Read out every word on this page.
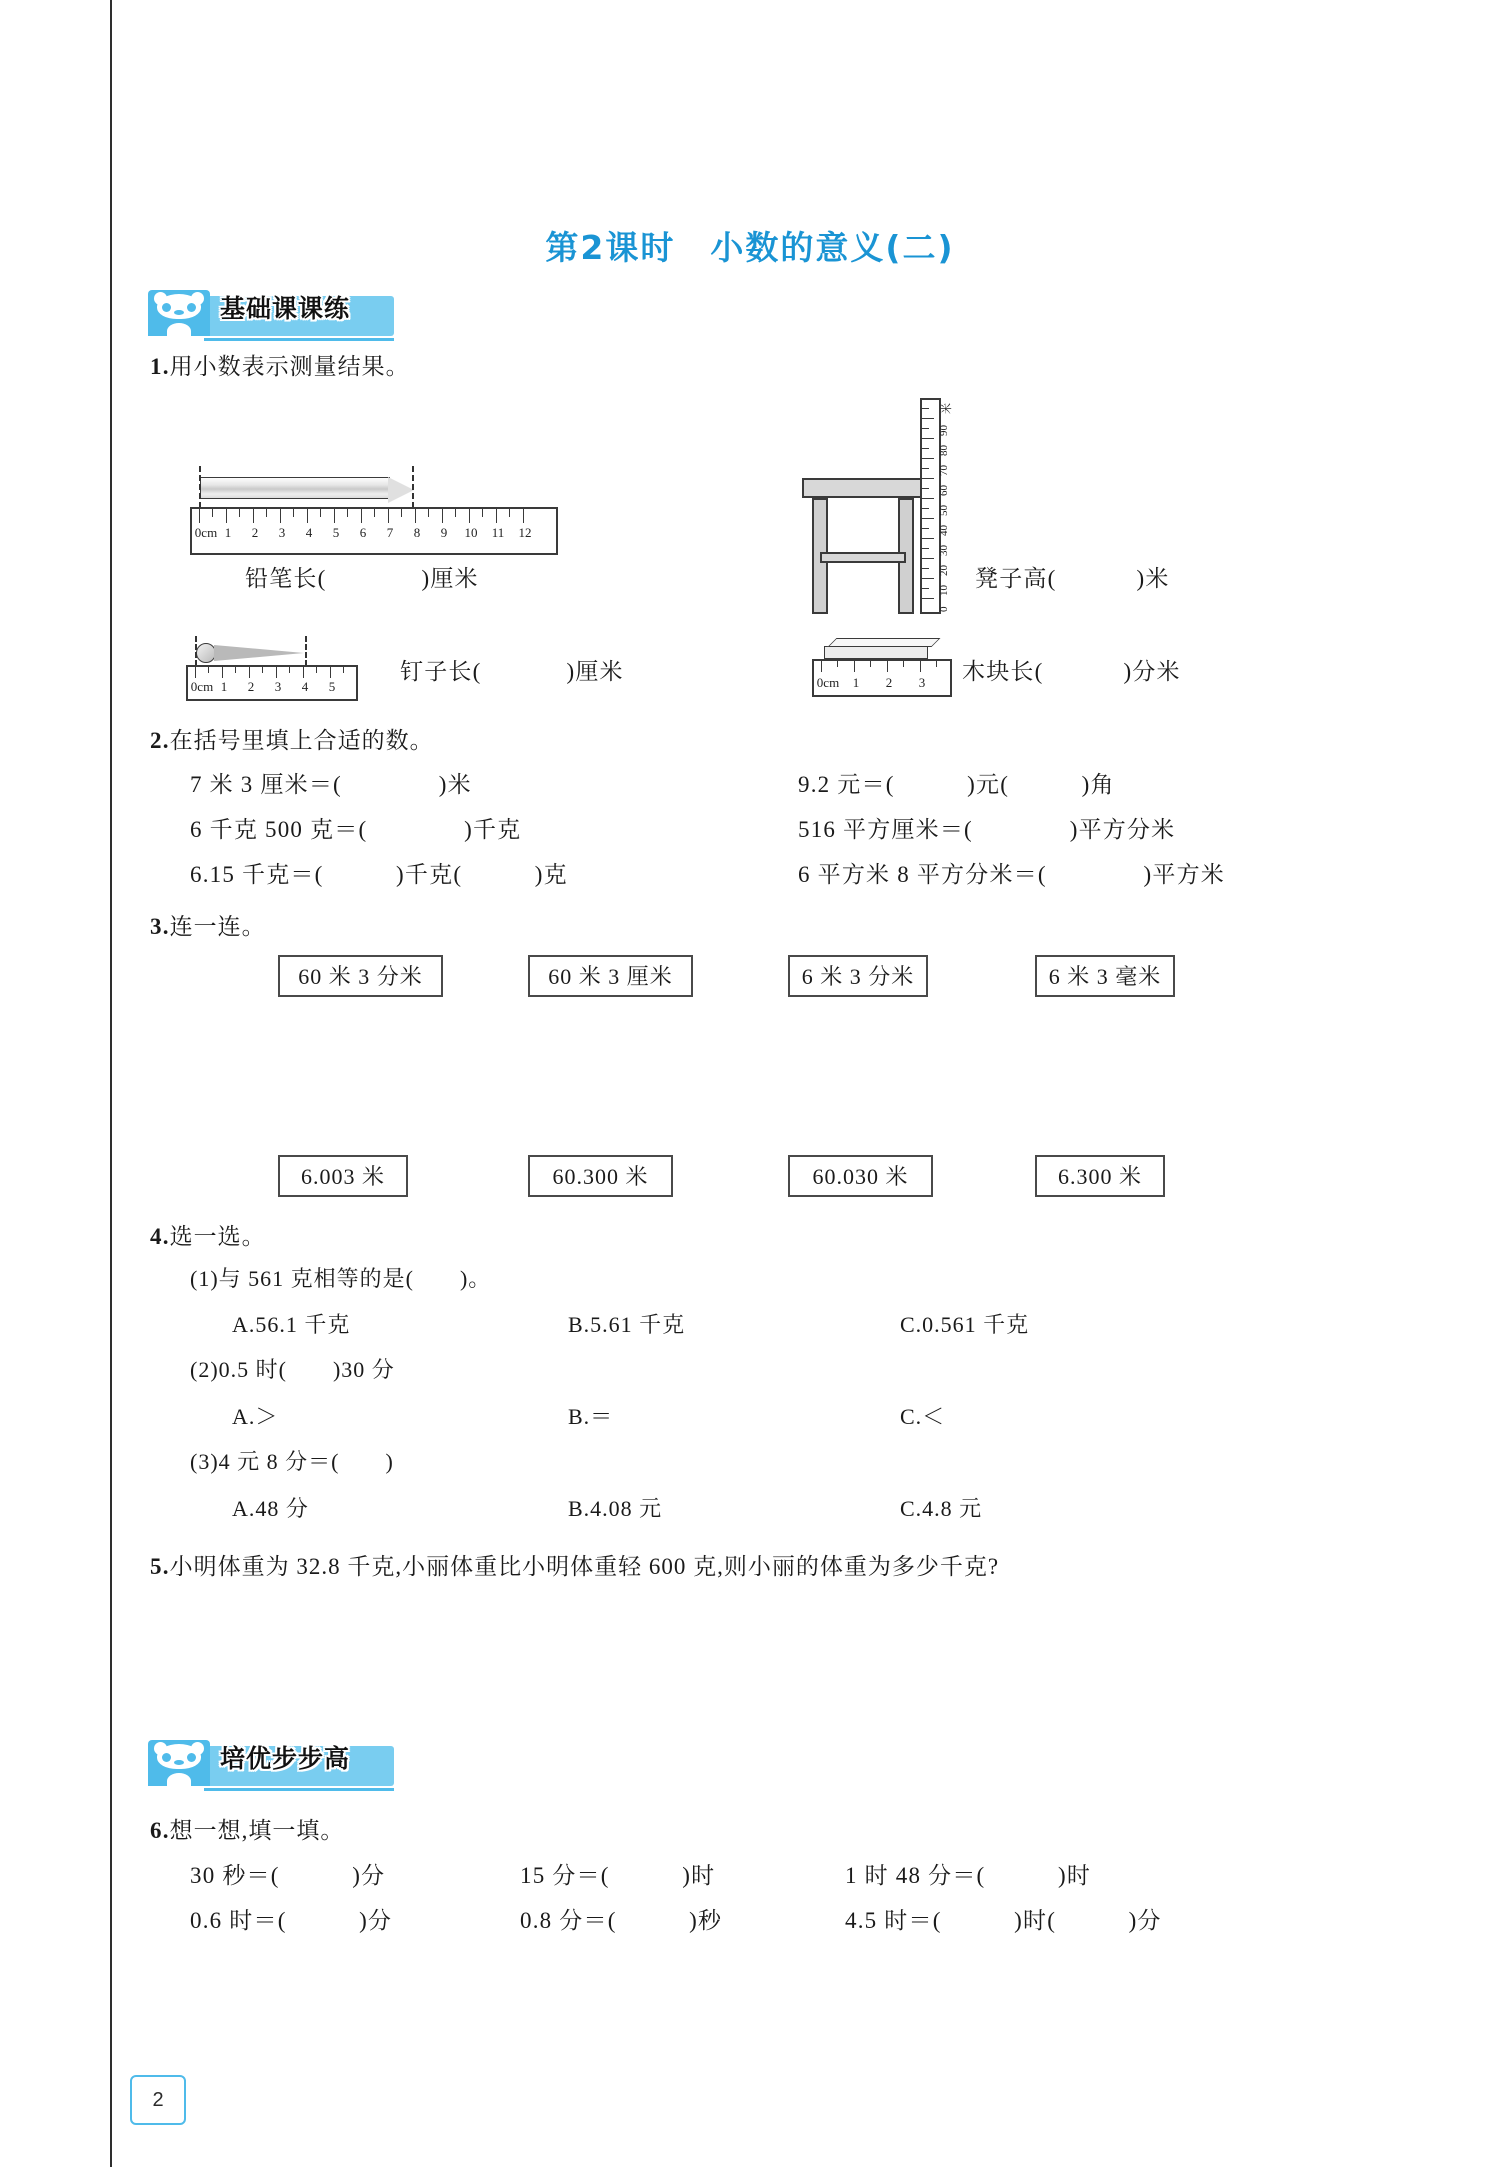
第2课时　小数的意义(二)
基础课课练
1.用小数表示测量结果。
0cm 1 2 3 4 5 6 7 8 9 10 11 12
铅笔长(	)厘米
0
10
20
30
40
50
60
70
80
90
米
凳子高(	)米
0cm 1 2 3 4 5
钉子长(	)厘米	0cm 1 2 3 木块长(	)分米
2.在括号里填上合适的数。
7 米 3 厘米＝(　　　　)米
6 千克 500 克＝(　　　　)千克
6.15 千克＝(　　　)千克(　　　)克
9.2 元＝(　　　)元(　　　)角
516 平方厘米＝(　　　　)平方分米
6 平方米 8 平方分米＝(　　　　)平方米
3.连一连。
60 米 3 分米	60 米 3 厘米	6 米 3 分米	6 米 3 毫米
6.003 米	60.300 米	60.030 米	6.300 米
4.选一选。
(1)与 561 克相等的是(　　)。
A.56.1 千克	B.5.61 千克	C.0.561 千克
(2)0.5 时(　　)30 分
A.＞	B.＝	C.＜
(3)4 元 8 分＝(　　)
A.48 分	B.4.08 元	C.4.8 元
5.小明体重为 32.8 千克,小丽体重比小明体重轻 600 克,则小丽的体重为多少千克?
培优步步高
6.想一想,填一填。
30 秒＝(　　　)分	15 分＝(　　　)时	1 时 48 分＝(　　　)时
0.6 时＝(　　　)分	0.8 分＝(　　　)秒	4.5 时＝(　　　)时(　　　)分
2
